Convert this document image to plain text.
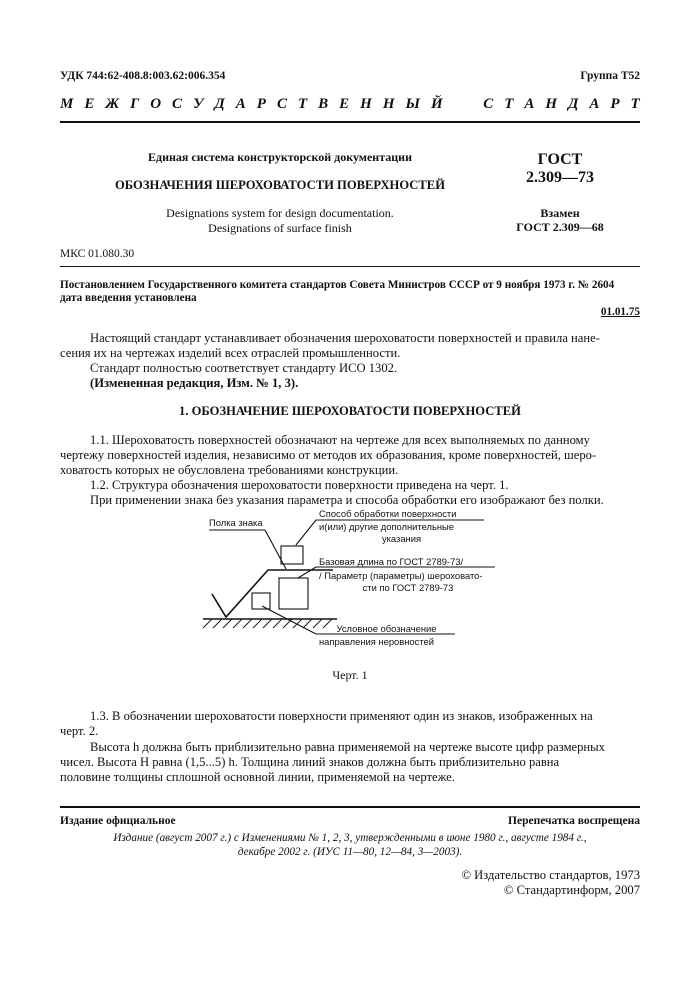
УДК 744:62-408.8:003.62:006.354	Группа Т52
М Е Ж Г О С У Д А Р С Т В Е Н Н Ы Й

	С Т А Н Д А Р Т
Единая система конструкторской документации
ОБОЗНАЧЕНИЯ ШЕРОХОВАТОСТИ ПОВЕРХНОСТЕЙ
Designations system for design documentation.
Designations of surface finish
ГОСТ
2.309—73
Взамен
ГОСТ 2.309—68
МКС 01.080.30
Постановлением Государственного комитета стандартов Совета Министров СССР от 9 ноября 1973 г. № 2604
дата введения установлена
01.01.75
Настоящий стандарт устанавливает обозначения шероховатости поверхностей и правила нане-
сения их на чертежах изделий всех отраслей промышленности.
Стандарт полностью соответствует стандарту ИСО 1302.
(Измененная редакция, Изм. № 1, 3).
1. ОБОЗНАЧЕНИЕ ШЕРОХОВАТОСТИ ПОВЕРХНОСТЕЙ
1.1. Шероховатость поверхностей обозначают на чертеже для всех выполняемых по данному
чертежу поверхностей изделия, независимо от методов их образования, кроме поверхностей, шеро-
ховатость которых не обусловлена требованиями конструкции.
1.2. Структура обозначения шероховатости поверхности приведена на черт. 1.
При применении знака без указания параметра и способа обработки его изображают без полки.
Полка знака
Способ обработки поверхности
и(или) другие дополнительные
указания
Базовая длина по ГОСТ 2789-73/
/ Параметр (параметры) шероховато-
сти по ГОСТ 2789-73
Условное обозначение
направления неровностей
Черт. 1
1.3. В обозначении шероховатости поверхности применяют один из знаков, изображенных на
черт. 2.
Высота h должна быть приблизительно равна применяемой на чертеже высоте цифр размерных
чисел. Высота H равна (1,5...5) h. Толщина линий знаков должна быть приблизительно равна
половине толщины сплошной основной линии, применяемой на чертеже.
Издание официальное	Перепечатка воспрещена
Издание (август 2007 г.) с Изменениями № 1, 2, 3, утвержденными в июне 1980 г., августе 1984 г.,
декабре 2002 г. (ИУС 11—80, 12—84, 3—2003).
© Издательство стандартов, 1973
© Стандартинформ, 2007
